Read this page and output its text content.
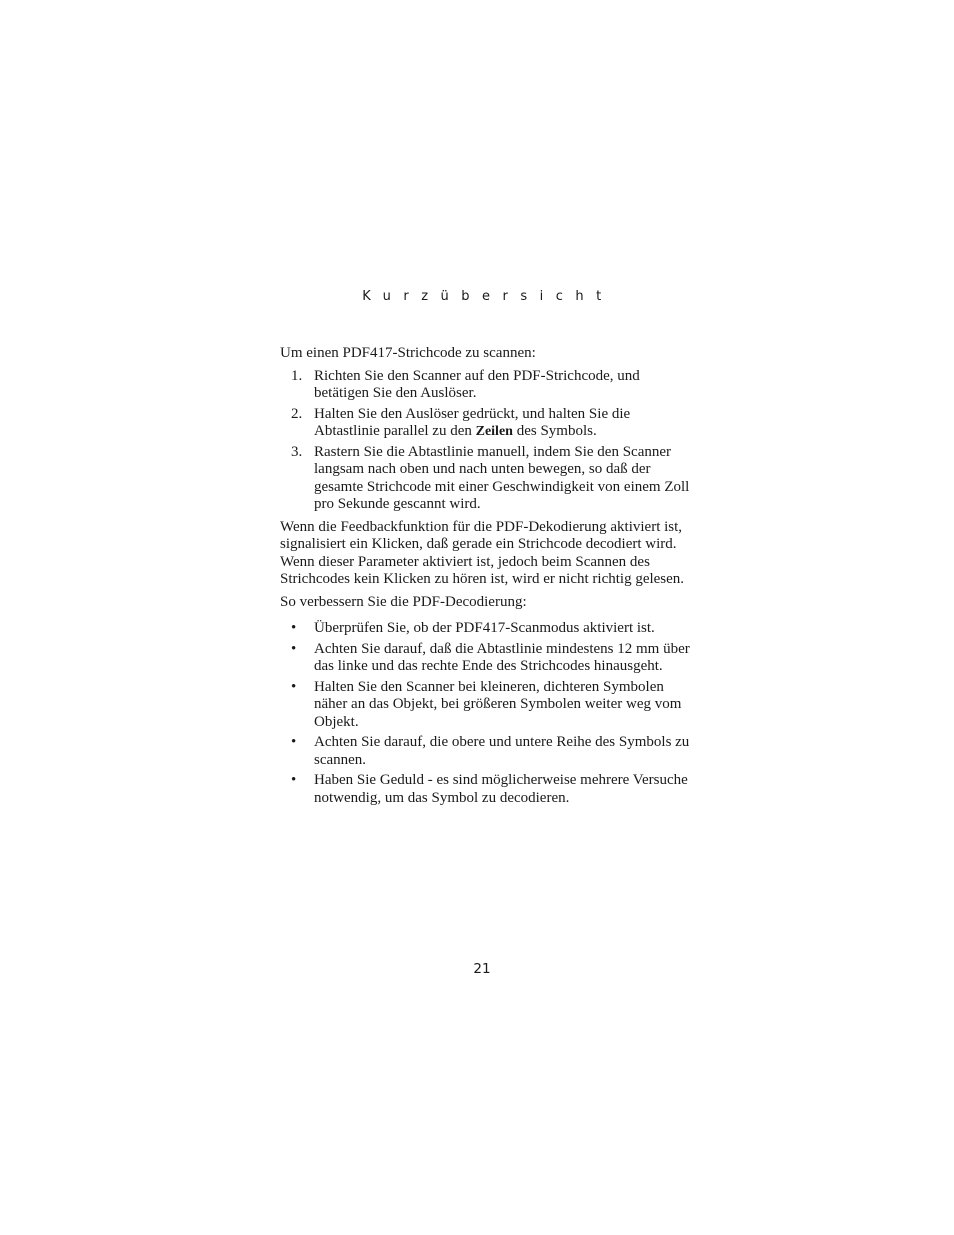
Kurzübersicht

Um einen PDF417-Strichcode zu scannen:

1. Richten Sie den Scanner auf den PDF-Strichcode, und betätigen Sie den Auslöser.
2. Halten Sie den Auslöser gedrückt, und halten Sie die Abtastlinie parallel zu den Zeilen des Symbols.
3. Rastern Sie die Abtastlinie manuell, indem Sie den Scanner langsam nach oben und nach unten bewegen, so daß der gesamte Strichcode mit einer Geschwindigkeit von einem Zoll pro Sekunde gescannt wird.

Wenn die Feedbackfunktion für die PDF-Dekodierung aktiviert ist, signalisiert ein Klicken, daß gerade ein Strichcode decodiert wird. Wenn dieser Parameter aktiviert ist, jedoch beim Scannen des Strichcodes kein Klicken zu hören ist, wird er nicht richtig gelesen.

So verbessern Sie die PDF-Decodierung:

• Überprüfen Sie, ob der PDF417-Scanmodus aktiviert ist.
• Achten Sie darauf, daß die Abtastlinie mindestens 12 mm über das linke und das rechte Ende des Strichcodes hinausgeht.
• Halten Sie den Scanner bei kleineren, dichteren Symbolen näher an das Objekt, bei größeren Symbolen weiter weg vom Objekt.
• Achten Sie darauf, die obere und untere Reihe des Symbols zu scannen.
• Haben Sie Geduld - es sind möglicherweise mehrere Versuche notwendig, um das Symbol zu decodieren.
21
